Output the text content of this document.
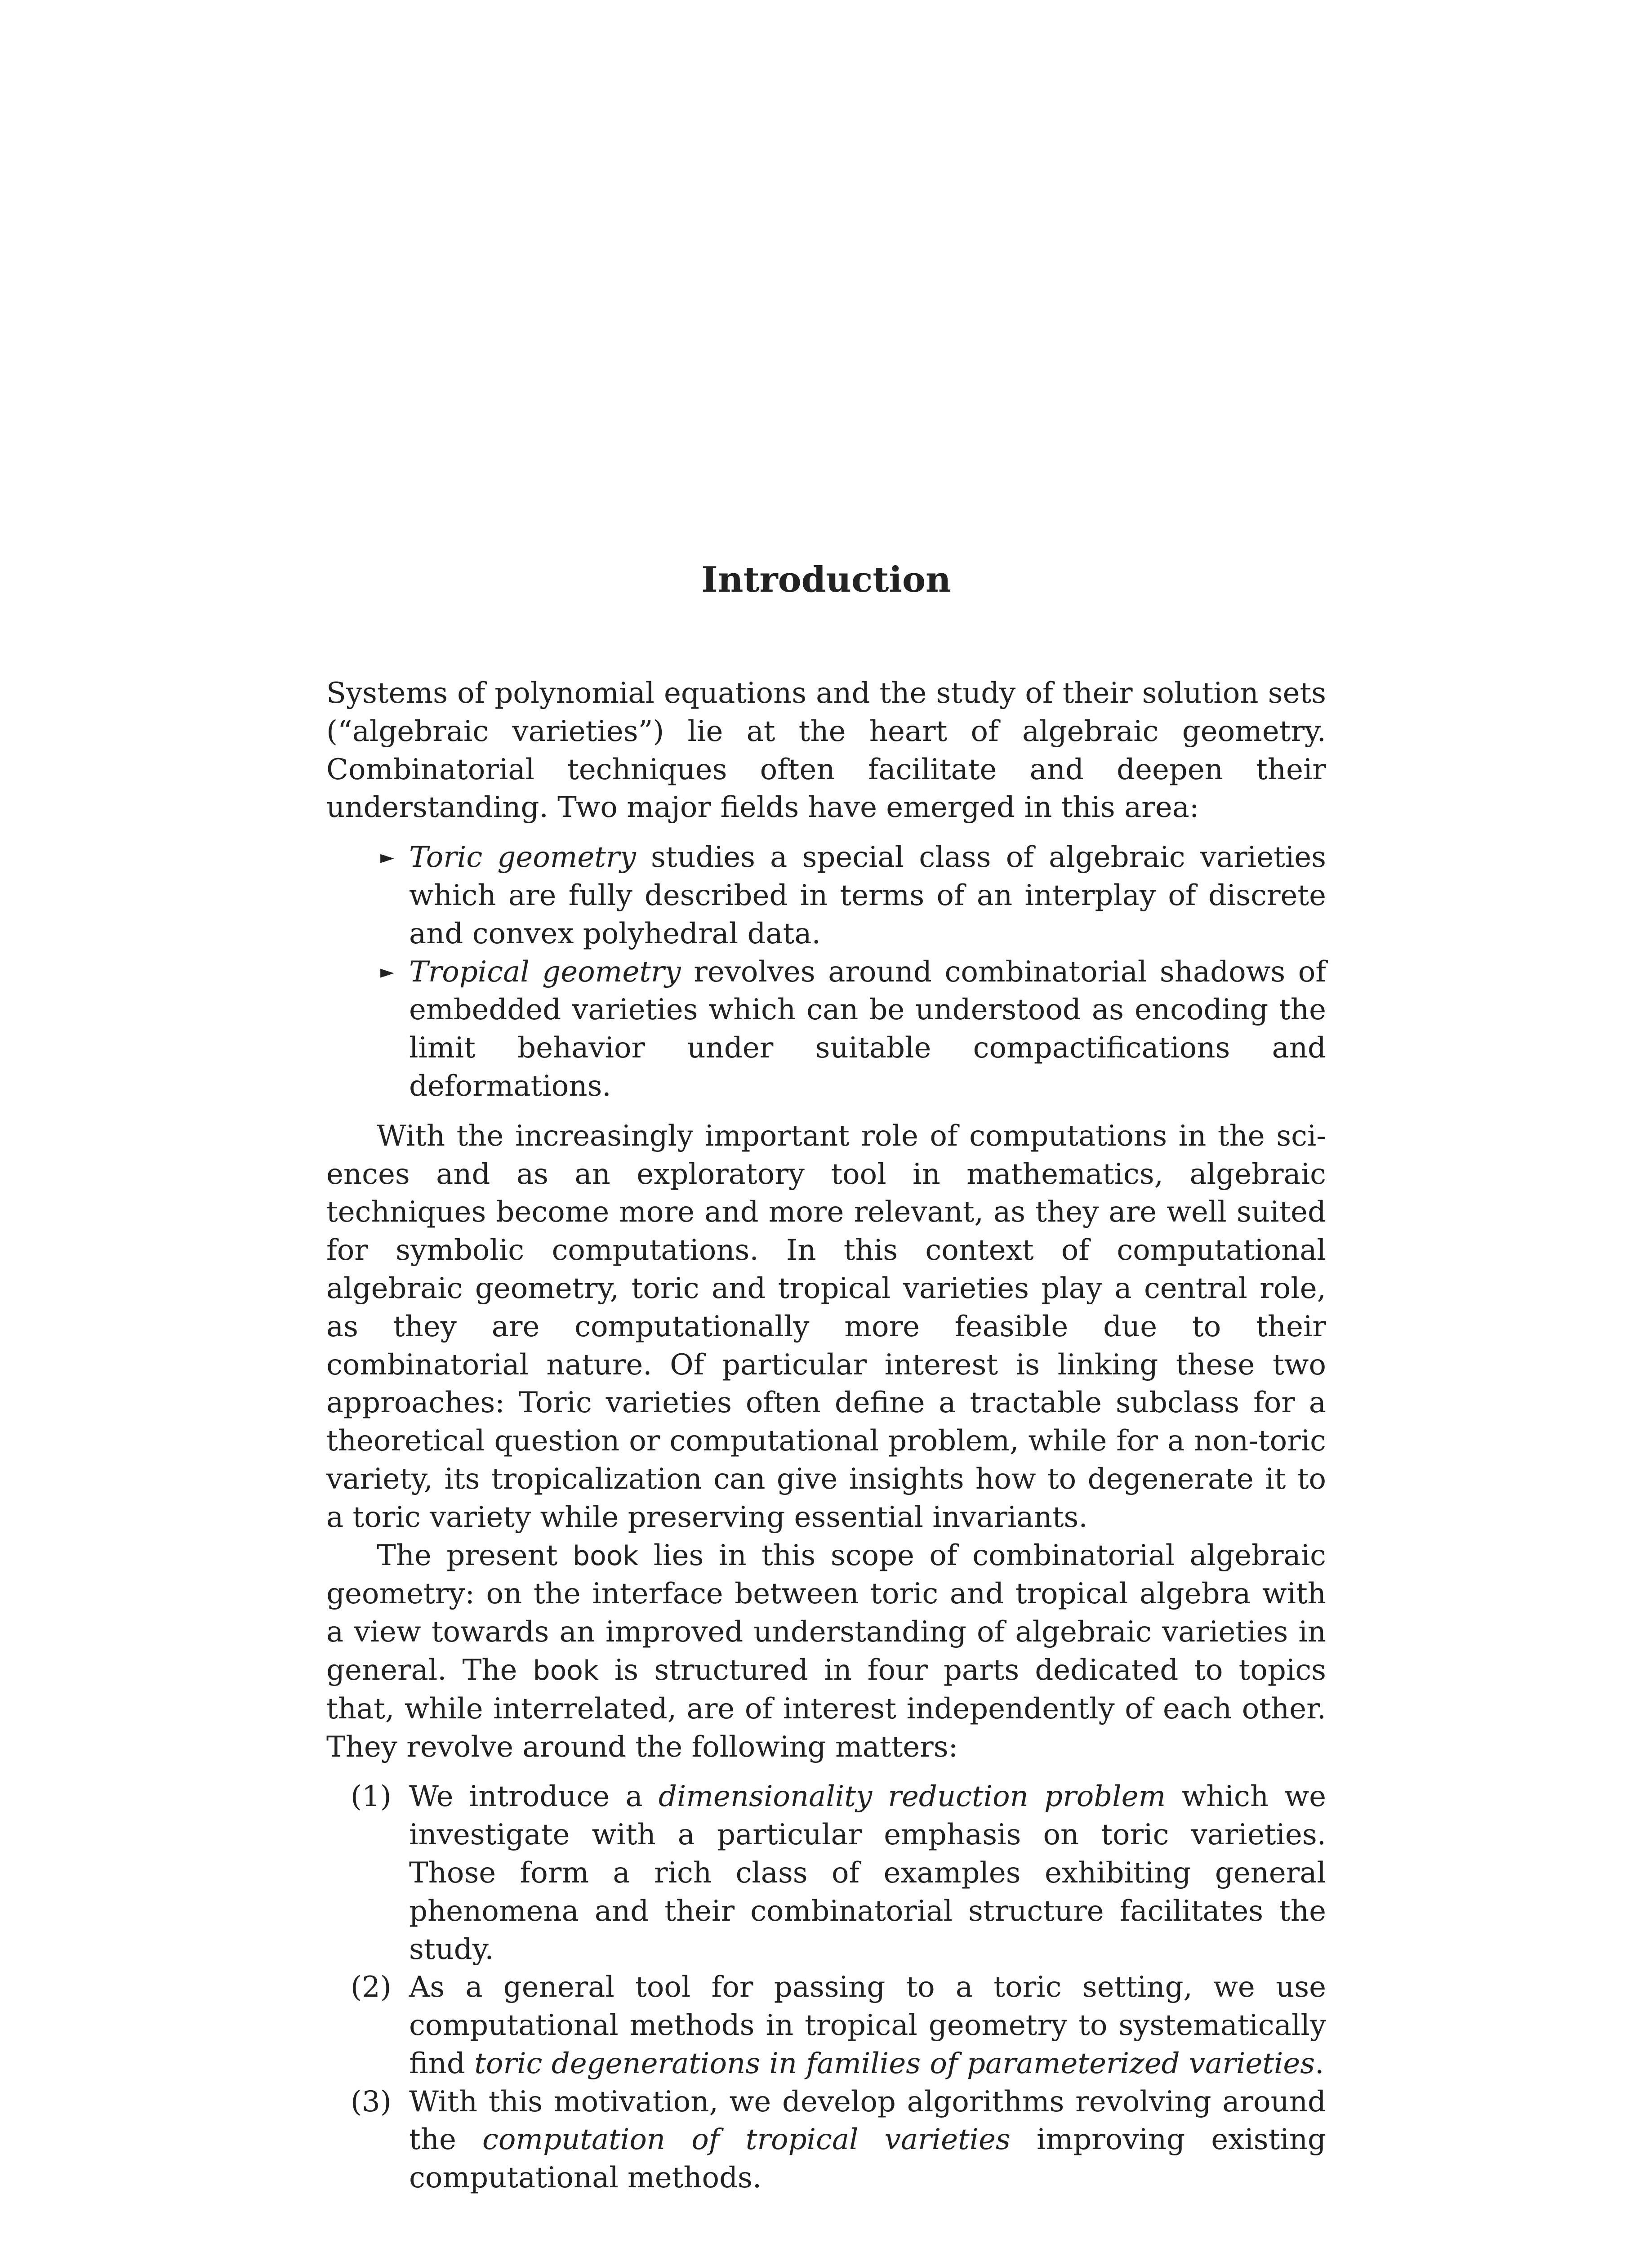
Introduction

Systems of polynomial equations and the study of their solution sets (“algebraic varieties”) lie at the heart of algebraic geometry. Combinatorial techniques often facilitate and deepen their understanding. Two major fields have emerged in this area:

► Toric geometry studies a special class of algebraic varieties which are fully described in terms of an interplay of discrete and convex polyhedral data.
► Tropical geometry revolves around combinatorial shadows of embedded varieties which can be understood as encoding the limit behavior under suitable compactifications and deformations.

With the increasingly important role of computations in the sciences and as an exploratory tool in mathematics, algebraic techniques become more and more relevant, as they are well suited for symbolic computations. In this context of computational algebraic geometry, toric and tropical varieties play a central role, as they are computationally more feasible due to their combinatorial nature. Of particular interest is linking these two approaches: Toric varieties often define a tractable subclass for a theoretical question or computational problem, while for a non-toric variety, its tropicalization can give insights how to degenerate it to a toric variety while preserving essential invariants.

The present book lies in this scope of combinatorial algebraic geometry: on the interface between toric and tropical algebra with a view towards an improved understanding of algebraic varieties in general. The book is structured in four parts dedicated to topics that, while interrelated, are of interest independently of each other. They revolve around the following matters:

(1) We introduce a dimensionality reduction problem which we investigate with a particular emphasis on toric varieties. Those form a rich class of examples exhibiting general phenomena and their combinatorial structure facilitates the study.
(2) As a general tool for passing to a toric setting, we use computational methods in tropical geometry to systematically find toric degenerations in families of parameterized varieties.
(3) With this motivation, we develop algorithms revolving around the computation of tropical varieties improving existing computational methods.
